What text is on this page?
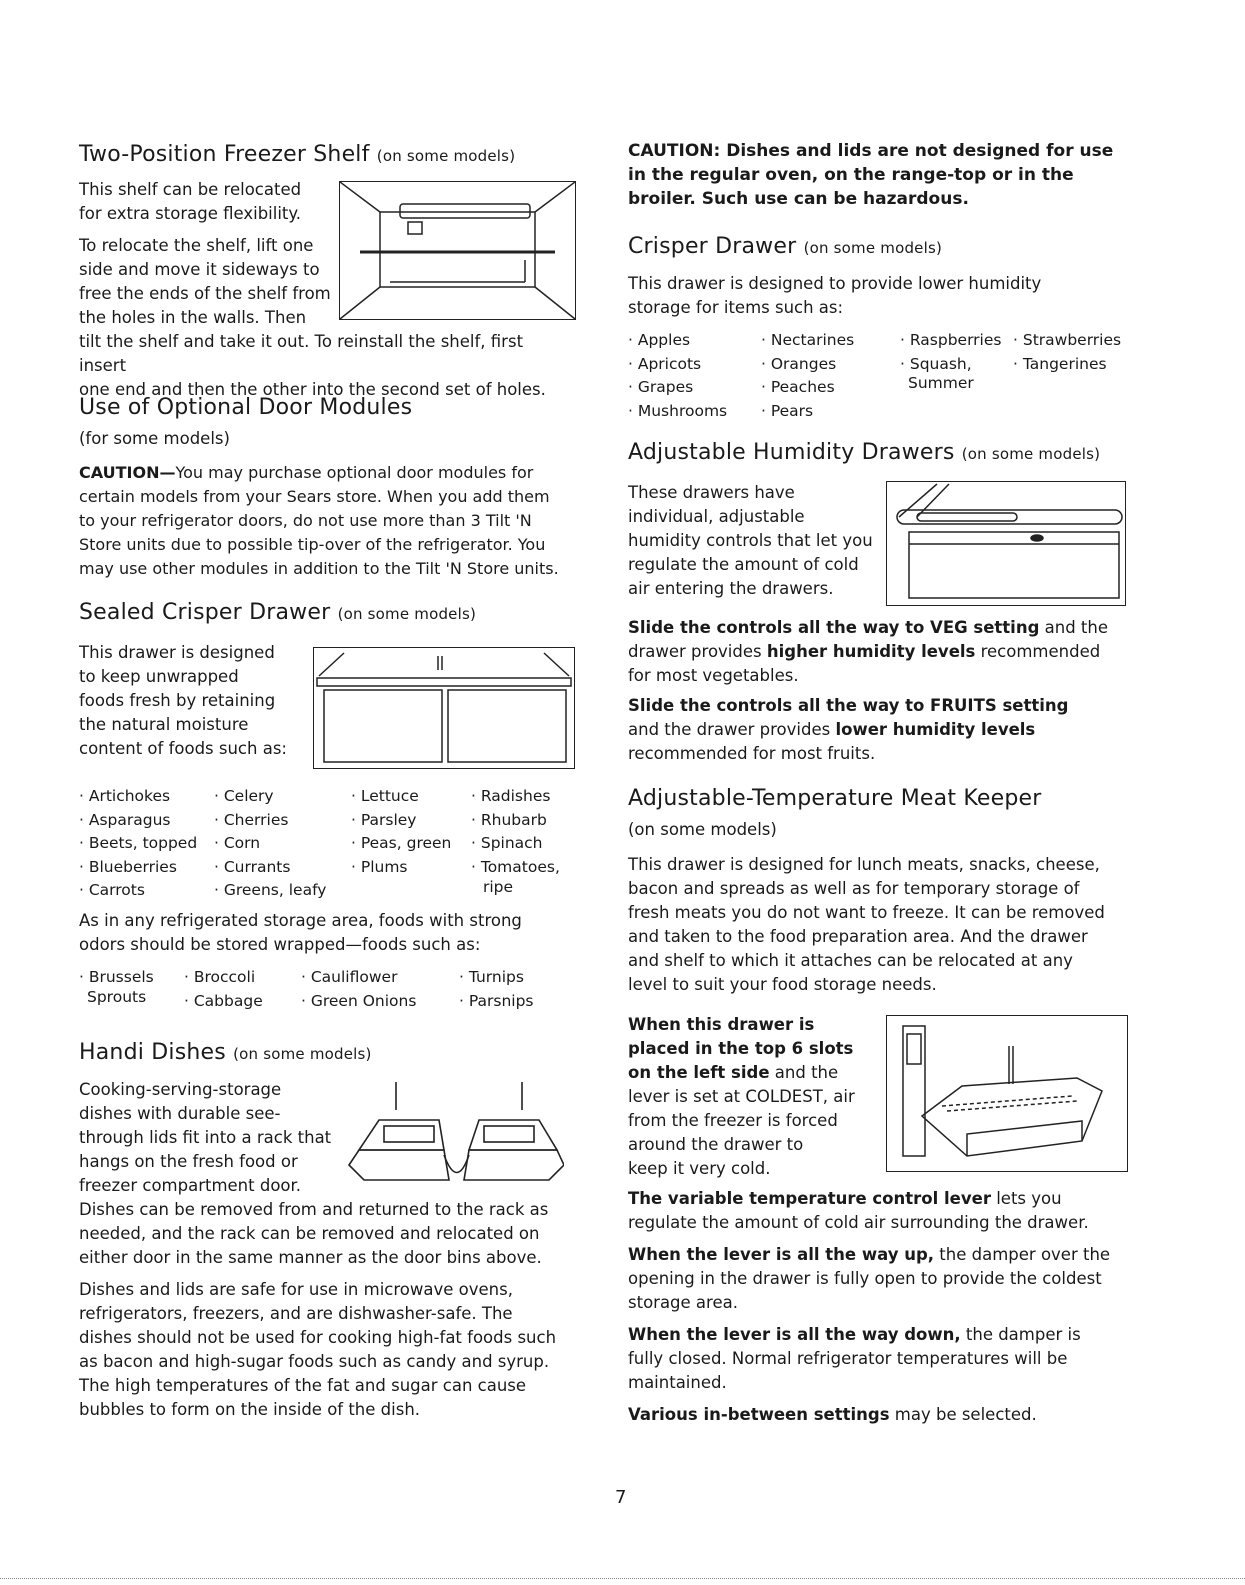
Two-Position Freezer Shelf (on some models)

This shelf can be relocated

for extra storage flexibility.

To relocate the shelf, lift one

side and move it sideways to

free the ends of the shelf from

the holes in the walls. Then

tilt the shelf and take it out. To reinstall the shelf, first insert

one end and then the other into the second set of holes.

Use of Optional Door Modules

(for some models)

CAUTION—You may purchase optional door modules for

certain models from your Sears store. When you add them

to your refrigerator doors, do not use more than 3 Tilt 'N

Store units due to possible tip-over of the refrigerator. You

may use other modules in addition to the Tilt 'N Store units.

Sealed Crisper Drawer (on some models)

This drawer is designed

to keep unwrapped

foods fresh by retaining

the natural moisture

content of foods such as:

· Artichokes
· Asparagus
· Beets, topped
· Blueberries
· Carrots
· Celery
· Cherries
· Corn
· Currants
· Greens, leafy
· Lettuce
· Parsley
· Peas, green
· Plums
· Radishes
· Rhubarb
· Spinach
· Tomatoes,
ripe

As in any refrigerated storage area, foods with strong

odors should be stored wrapped—foods such as:

· Brussels
Sprouts
· Broccoli
· Cabbage
· Cauliflower
· Green Onions
· Turnips
· Parsnips
Handi Dishes (on some models)

Cooking-serving-storage

dishes with durable see-

through lids fit into a rack that

hangs on the fresh food or

freezer compartment door.

Dishes can be removed from and returned to the rack as

needed, and the rack can be removed and relocated on

either door in the same manner as the door bins above.

Dishes and lids are safe for use in microwave ovens,

refrigerators, freezers, and are dishwasher-safe. The

dishes should not be used for cooking high-fat foods such

as bacon and high-sugar foods such as candy and syrup.

The high temperatures of the fat and sugar can cause

bubbles to form on the inside of the dish.

CAUTION: Dishes and lids are not designed for use

in the regular oven, on the range-top or in the

broiler. Such use can be hazardous.

Crisper Drawer (on some models)

This drawer is designed to provide lower humidity

storage for items such as:

· Apples
· Apricots
· Grapes
· Mushrooms
· Nectarines
· Oranges
· Peaches
· Pears
· Raspberries
· Squash,
Summer
· Strawberries
· Tangerines
Adjustable Humidity Drawers (on some models)

These drawers have

individual, adjustable

humidity controls that let you

regulate the amount of cold

air entering the drawers.

Slide the controls all the way to VEG setting and the

drawer provides higher humidity levels recommended

for most vegetables.

Slide the controls all the way to FRUITS setting

and the drawer provides lower humidity levels

recommended for most fruits.

Adjustable-Temperature Meat Keeper

(on some models)

This drawer is designed for lunch meats, snacks, cheese,

bacon and spreads as well as for temporary storage of

fresh meats you do not want to freeze. It can be removed

and taken to the food preparation area. And the drawer

and shelf to which it attaches can be relocated at any

level to suit your food storage needs.

When this drawer is

placed in the top 6 slots

on the left side and the

lever is set at COLDEST, air

from the freezer is forced

around the drawer to

keep it very cold.

The variable temperature control lever lets you

regulate the amount of cold air surrounding the drawer.

When the lever is all the way up, the damper over the

opening in the drawer is fully open to provide the coldest

storage area.

When the lever is all the way down, the damper is

fully closed. Normal refrigerator temperatures will be

maintained.

Various in-between settings may be selected.

7
